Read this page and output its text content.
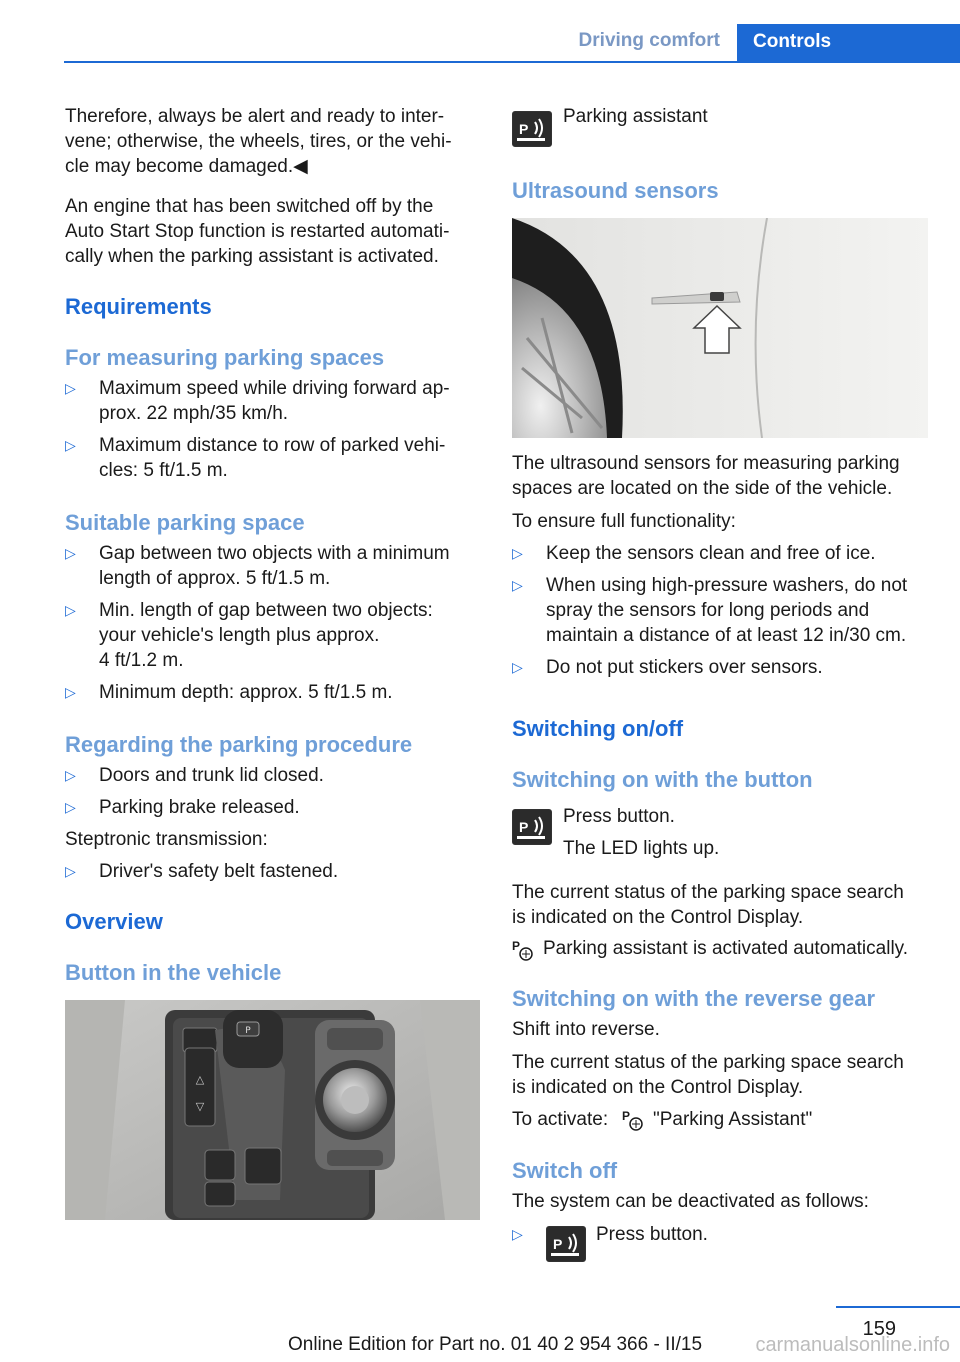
Driving comfort	Controls
Therefore, always be alert and ready to inter‐
vene; otherwise, the wheels, tires, or the vehi‐
cle may become damaged.◀
An engine that has been switched off by the
Auto Start Stop function is restarted automati‐
cally when the parking assistant is activated.
Requirements
For measuring parking spaces
▷ Maximum speed while driving forward ap‐
prox. 22 mph/35 km/h.
▷ Maximum distance to row of parked vehi‐
cles: 5 ft/1.5 m.
Suitable parking space
▷ Gap between two objects with a minimum
length of approx. 5 ft/1.5 m.
▷ Min. length of gap between two objects:
your vehicle's length plus approx.
4 ft/1.2 m.
▷ Minimum depth: approx. 5 ft/1.5 m.
Regarding the parking procedure
▷ Doors and trunk lid closed.
▷ Parking brake released.
Steptronic transmission:
▷ Driver's safety belt fastened.
Overview
Button in the vehicle
△
▽
P
P
Parking assistant
Ultrasound sensors
The ultrasound sensors for measuring parking
spaces are located on the side of the vehicle.
To ensure full functionality:
▷ Keep the sensors clean and free of ice.
▷ When using high-pressure washers, do not
spray the sensors for long periods and
maintain a distance of at least 12 in/30 cm.
▷ Do not put stickers over sensors.
Switching on/off
Switching on with the button
P Press button.
The LED lights up.
The current status of the parking space search
is indicated on the Control Display.
P Parking assistant is activated automatically.
Switching on with the reverse gear
Shift into reverse.
The current status of the parking space search
is indicated on the Control Display.
To activate: P "Parking Assistant"
Switch off
The system can be deactivated as follows:
▷
P Press button.
159
Online Edition for Part no. 01 40 2 954 366 - II/15	carmanualsonline.info
